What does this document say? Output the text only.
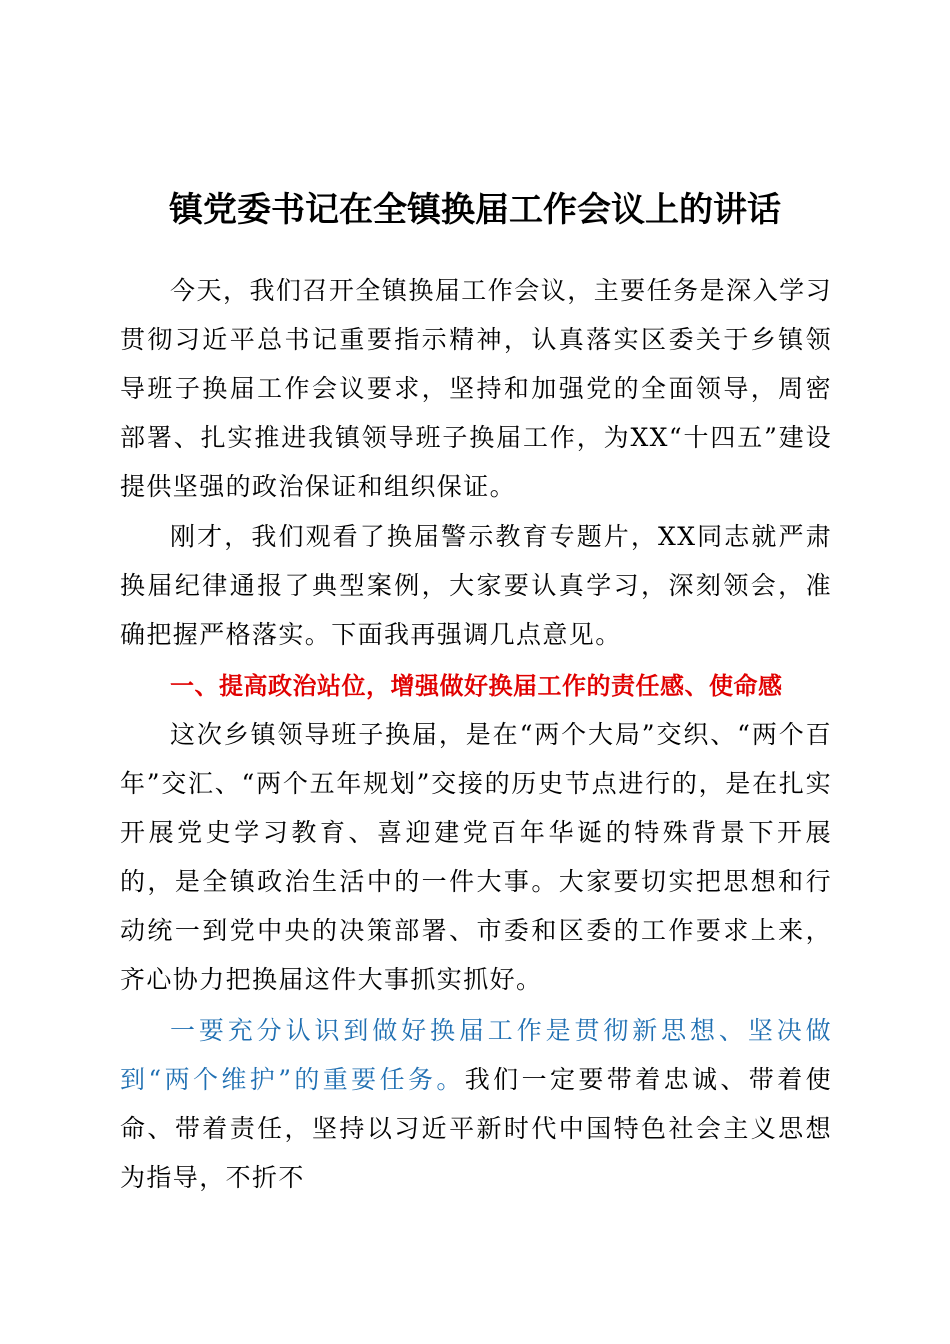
镇党委书记在全镇换届工作会议上的讲话

今天，我们召开全镇换届工作会议，主要任务是深入学习贯彻习近平总书记重要指示精神，认真落实区委关于乡镇领导班子换届工作会议要求，坚持和加强党的全面领导，周密部署、扎实推进我镇领导班子换届工作，为XX“十四五”建设提供坚强的政治保证和组织保证。

刚才，我们观看了换届警示教育专题片，XX同志就严肃换届纪律通报了典型案例，大家要认真学习，深刻领会，准确把握严格落实。下面我再强调几点意见。

一、提高政治站位，增强做好换届工作的责任感、使命感

这次乡镇领导班子换届，是在“两个大局”交织、“两个百年”交汇、“两个五年规划”交接的历史节点进行的，是在扎实开展党史学习教育、喜迎建党百年华诞的特殊背景下开展的，是全镇政治生活中的一件大事。大家要切实把思想和行动统一到党中央的决策部署、市委和区委的工作要求上来，齐心协力把换届这件大事抓实抓好。

一要充分认识到做好换届工作是贯彻新思想、坚决做到“两个维护”的重要任务。我们一定要带着忠诚、带着使命、带着责任，坚持以习近平新时代中国特色社会主义思想为指导，不折不
